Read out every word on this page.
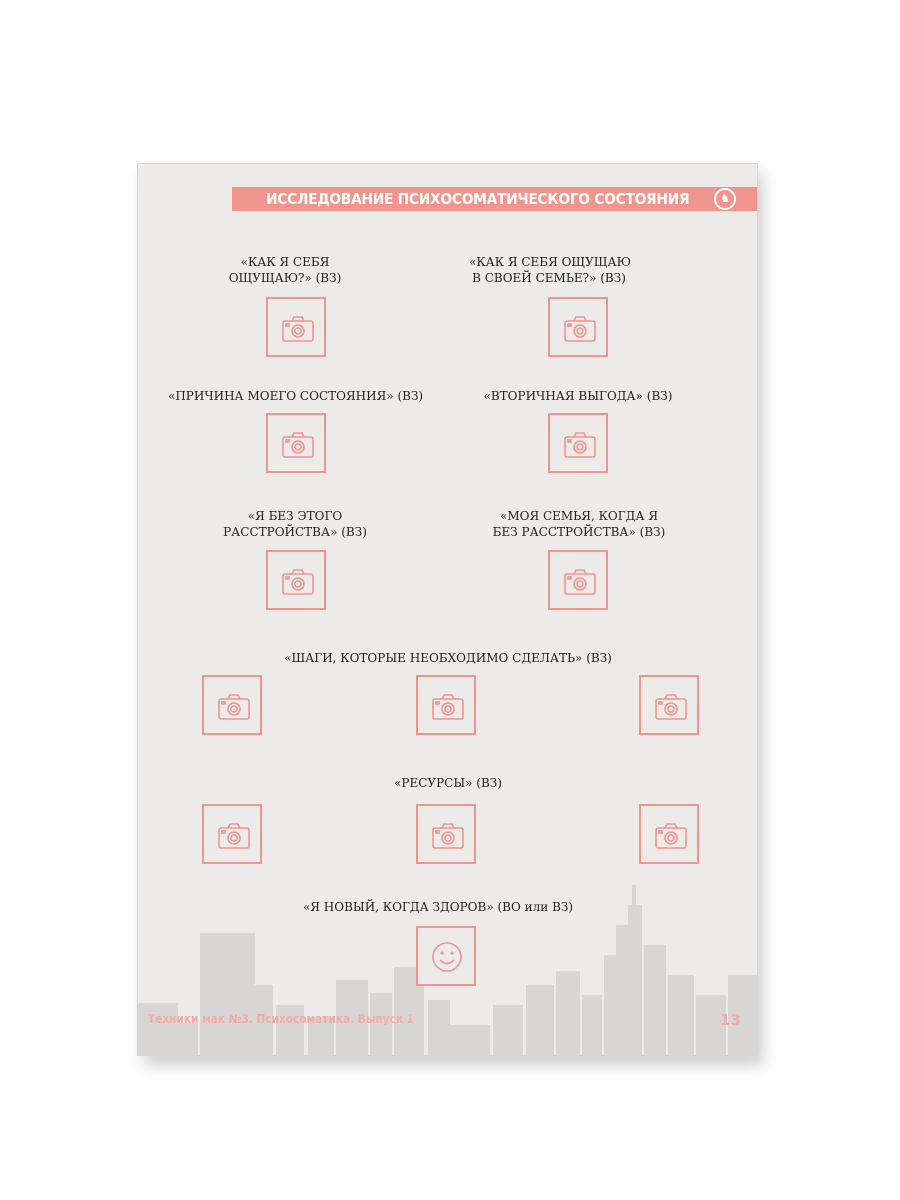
ИССЛЕДОВАНИЕ ПСИХОСОМАТИЧЕСКОГО СОСТОЯНИЯ	♞
«КАК Я СЕБЯ
ОЩУЩАЮ?» (ВЗ)
«КАК Я СЕБЯ ОЩУЩАЮ
В СВОЕЙ СЕМЬЕ?» (ВЗ)
«ПРИЧИНА МОЕГО СОСТОЯНИЯ» (ВЗ)	«ВТОРИЧНАЯ ВЫГОДА» (ВЗ)
«Я БЕЗ ЭТОГО
РАССТРОЙСТВА» (ВЗ)
«МОЯ СЕМЬЯ, КОГДА Я
БЕЗ РАССТРОЙСТВА» (ВЗ)
«ШАГИ, КОТОРЫЕ НЕОБХОДИМО СДЕЛАТЬ» (ВЗ)
«РЕСУРСЫ» (ВЗ)
«Я НОВЫЙ, КОГДА ЗДОРОВ» (ВО или ВЗ)
Техники мак №3. Психосоматика. Выпуск 1	13
